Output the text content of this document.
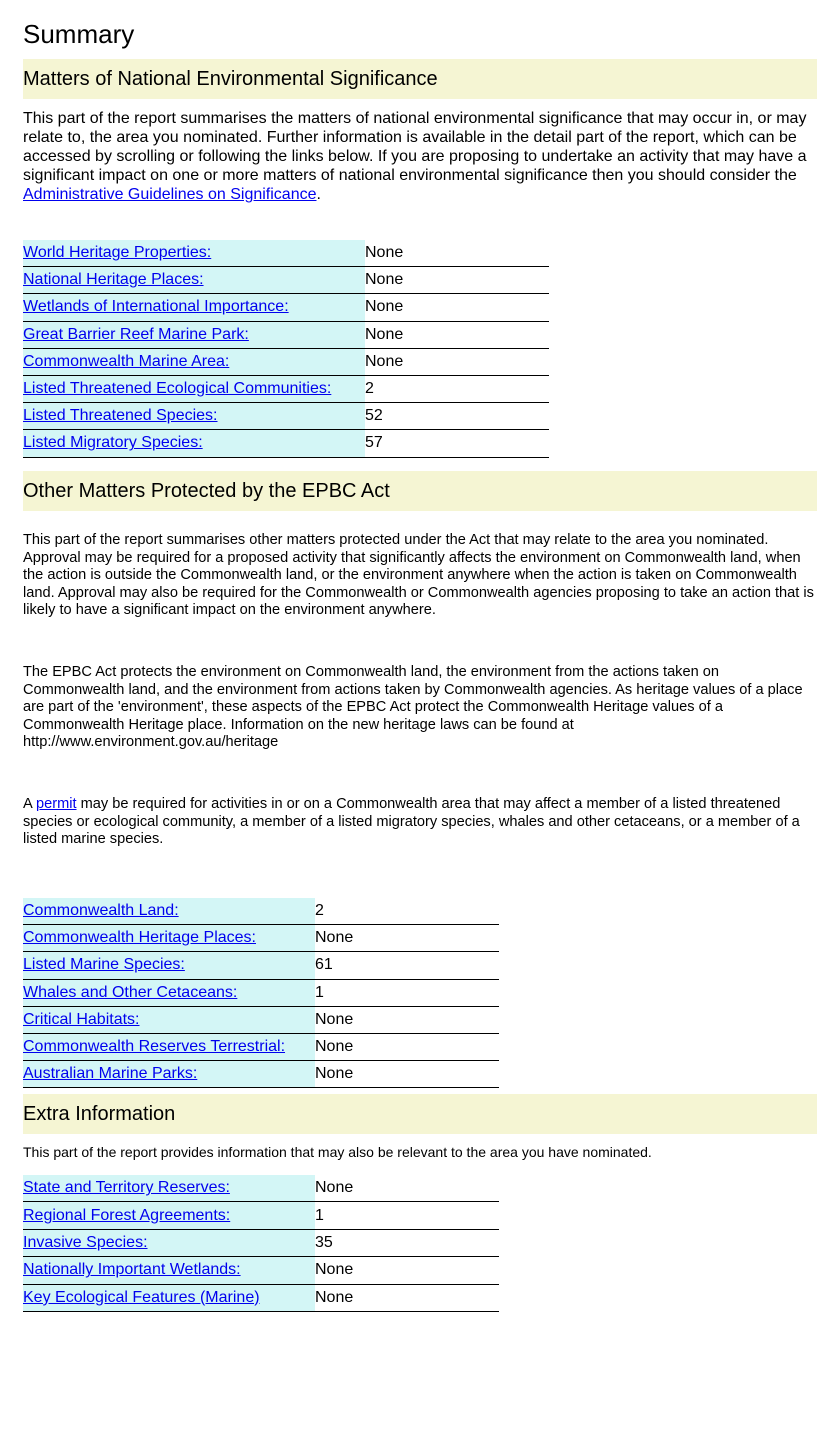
Summary
Matters of National Environmental Significance
This part of the report summarises the matters of national environmental significance that may occur in, or may relate to, the area you nominated. Further information is available in the detail part of the report, which can be accessed by scrolling or following the links below. If you are proposing to undertake an activity that may have a significant impact on one or more matters of national environmental significance then you should consider the Administrative Guidelines on Significance.
World Heritage Properties:	None
National Heritage Places:	None
Wetlands of International Importance:	None
Great Barrier Reef Marine Park:	None
Commonwealth Marine Area:	None
Listed Threatened Ecological Communities:	2
Listed Threatened Species:	52
Listed Migratory Species:	57
Other Matters Protected by the EPBC Act
This part of the report summarises other matters protected under the Act that may relate to the area you nominated. Approval may be required for a proposed activity that significantly affects the environment on Commonwealth land, when the action is outside the Commonwealth land, or the environment anywhere when the action is taken on Commonwealth land. Approval may also be required for the Commonwealth or Commonwealth agencies proposing to take an action that is likely to have a significant impact on the environment anywhere.
The EPBC Act protects the environment on Commonwealth land, the environment from the actions taken on Commonwealth land, and the environment from actions taken by Commonwealth agencies. As heritage values of a place are part of the 'environment', these aspects of the EPBC Act protect the Commonwealth Heritage values of a Commonwealth Heritage place. Information on the new heritage laws can be found at http://www.environment.gov.au/heritage
A permit may be required for activities in or on a Commonwealth area that may affect a member of a listed threatened species or ecological community, a member of a listed migratory species, whales and other cetaceans, or a member of a listed marine species.
Commonwealth Land:	2
Commonwealth Heritage Places:	None
Listed Marine Species:	61
Whales and Other Cetaceans:	1
Critical Habitats:	None
Commonwealth Reserves Terrestrial:	None
Australian Marine Parks:	None
Extra Information
This part of the report provides information that may also be relevant to the area you have nominated.
State and Territory Reserves:	None
Regional Forest Agreements:	1
Invasive Species:	35
Nationally Important Wetlands:	None
Key Ecological Features (Marine)	None
